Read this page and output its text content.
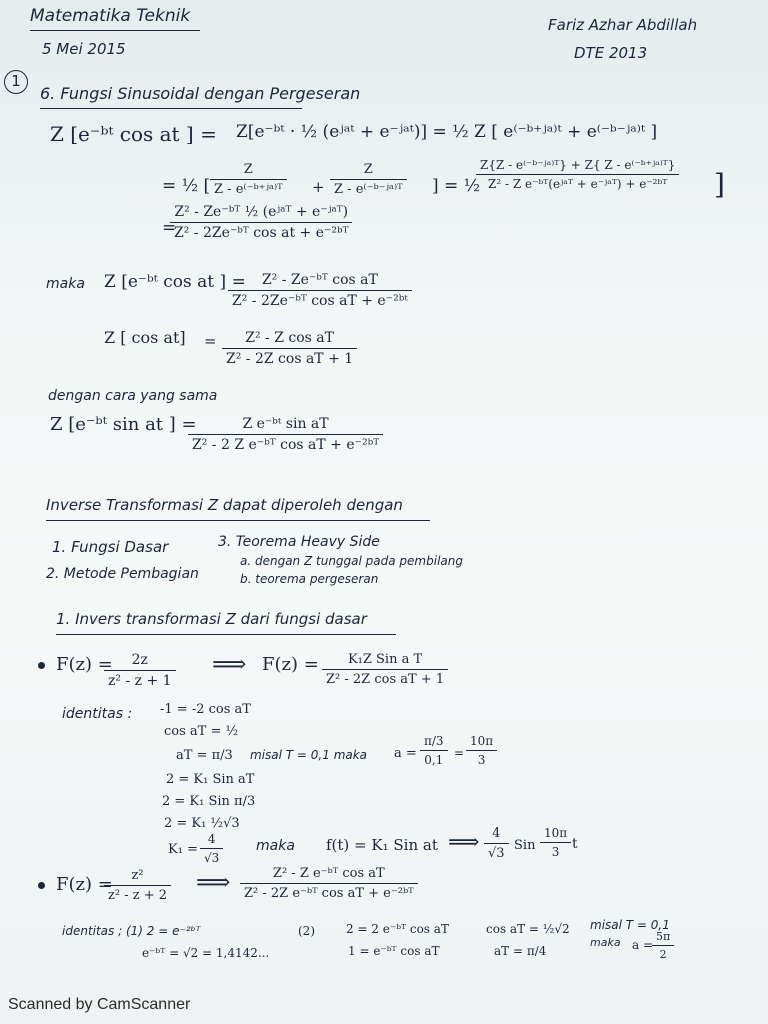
Matematika Teknik
5 Mei 2015
Fariz Azhar Abdillah
DTE 2013
1
6. Fungsi Sinusoidal dengan Pergeseran
Z [e⁻ᵇᵗ cos at ] = Z[e⁻ᵇᵗ · ½ (eʲᵃᵗ + e⁻ʲᵃᵗ)] = ½ Z [ e⁽⁻ᵇ⁺ʲᵃ⁾ᵗ + e⁽⁻ᵇ⁻ʲᵃ⁾ᵗ ]
= ½ [
Z
Z - e⁽⁻ᵇ⁺ʲᵃ⁾ᵀ +
Z
Z - e⁽⁻ᵇ⁻ʲᵃ⁾ᵀ ] = ½
Z{Z - e⁽⁻ᵇ⁻ʲᵃ⁾ᵀ} + Z{ Z - e⁽⁻ᵇ⁺ʲᵃ⁾ᵀ}
Z² - Z e⁻ᵇᵀ(eʲᵃᵀ + e⁻ʲᵃᵀ) + e⁻²ᵇᵀ	]
=
Z² - Ze⁻ᵇᵀ ½ (eʲᵃᵀ + e⁻ʲᵃᵀ)
Z² - 2Ze⁻ᵇᵀ cos at + e⁻²ᵇᵀ
maka Z [e⁻ᵇᵗ cos at ] =	Z² - Ze⁻ᵇᵀ cos aT
Z² - 2Ze⁻ᵇᵀ cos aT + e⁻²ᵇᵗ
Z [ cos at] =	Z² - Z cos aT
Z² - 2Z cos aT + 1
dengan cara yang sama
Z [e⁻ᵇᵗ sin at ] =	Z e⁻ᵇᵗ sin aT
Z² - 2 Z e⁻ᵇᵀ cos aT + e⁻²ᵇᵀ
Inverse Transformasi Z dapat diperoleh dengan
1. Fungsi Dasar
2. Metode Pembagian
3. Teorema Heavy Side
a. dengan Z tunggal pada pembilang
b. teorema pergeseran
1. Invers transformasi Z dari fungsi dasar
F(z) =	2z
z² - z + 1
⟹ F(z) =	K₁Z Sin a T
Z² - 2Z cos aT + 1
identitas : -1 = -2 cos aT
cos aT = ½
aT = π/3 misal T = 0,1 maka a =
π/3
0,1 =
10π
3
2 = K₁ Sin aT
2 = K₁ Sin π/3
2 = K₁ ½√3
K₁ =
4
√3
maka f(t) = K₁ Sin at ⟹ 4
√3
Sin
10π
3 t
F(z) =	z²
z² - z + 2 ⟹	Z² - Z e⁻ᵇᵀ cos aT
Z² - 2Z e⁻ᵇᵀ cos aT + e⁻²ᵇᵀ
identitas ; (1) 2 = e⁻²ᵇᵀ
e⁻ᵇᵀ = √2 = 1,4142...
(2)	2 = 2 e⁻ᵇᵀ cos aT
1 = e⁻ᵇᵀ cos aT
cos aT = ½√2
aT = π/4
misal T = 0,1
maka a =
5π
2
Scanned by CamScanner
